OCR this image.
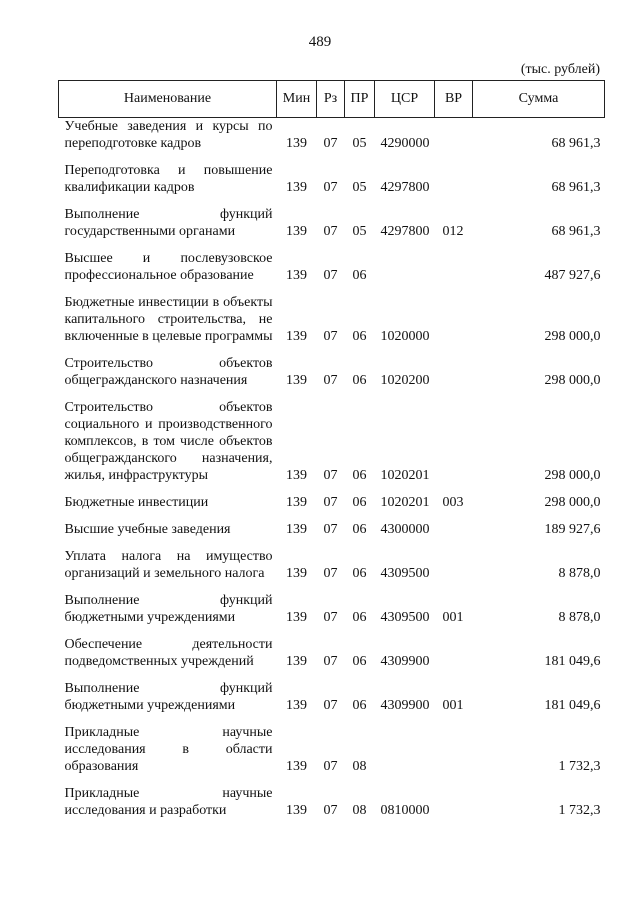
489
(тыс. рублей)
Наименование	Мин	Рз	ПР	ЦСР	ВР	Сумма
Учебные заведения и курсы по переподготовке кадров	139	07	05	4290000		68 961,3
Переподготовка и повышение квалификации кадров	139	07	05	4297800		68 961,3
Выполнение функций государственными органами	139	07	05	4297800	012	68 961,3
Высшее и послевузовское профессиональное образование	139	07	06			487 927,6
Бюджетные инвестиции в объекты капитального строительства, не включенные в целевые программы	139	07	06	1020000		298 000,0
Строительство объектов общегражданского назначения	139	07	06	1020200		298 000,0
Строительство объектов социального и производственного комплексов, в том числе объектов общегражданского назначения, жилья, инфраструктуры	139	07	06	1020201		298 000,0
Бюджетные инвестиции	139	07	06	1020201	003	298 000,0
Высшие учебные заведения	139	07	06	4300000		189 927,6
Уплата налога на имущество организаций и земельного налога	139	07	06	4309500		8 878,0
Выполнение функций бюджетными учреждениями	139	07	06	4309500	001	8 878,0
Обеспечение деятельности подведомственных учреждений	139	07	06	4309900		181 049,6
Выполнение функций бюджетными учреждениями	139	07	06	4309900	001	181 049,6
Прикладные научные исследования в области образования	139	07	08			1 732,3
Прикладные научные исследования и разработки	139	07	08	0810000		1 732,3
